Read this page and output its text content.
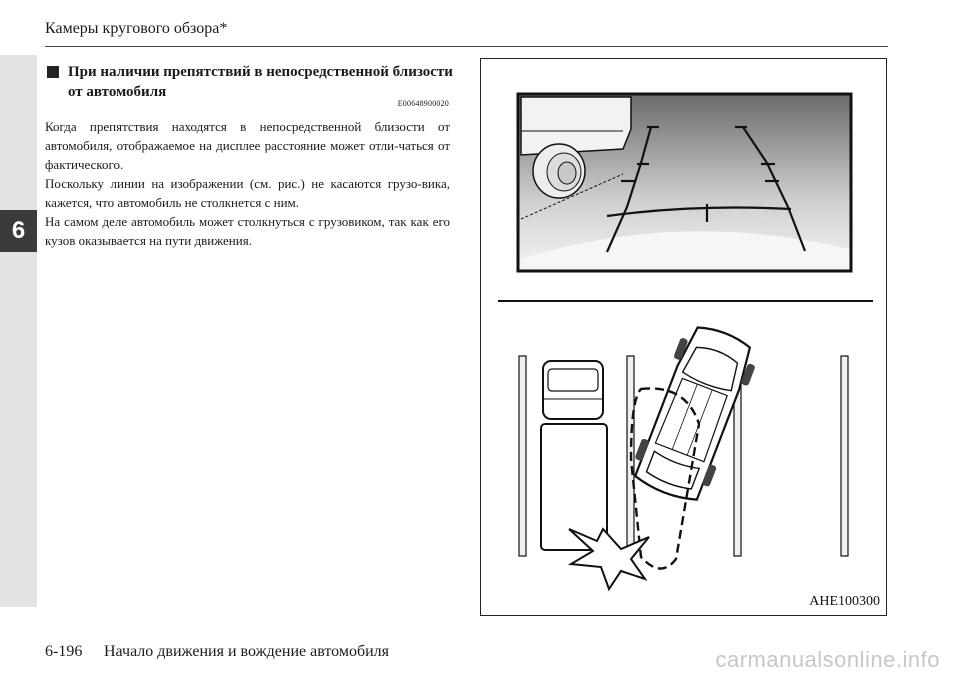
6
Камеры кругового обзора*
При наличии препятствий в непосредственной близости от автомобиля
E00648900020

Когда препятствия находятся в непосредственной близости от автомобиля, отображаемое на дисплее расстояние может отли-чаться от фактического.

Поскольку линии на изображении (см. рис.) не касаются грузо-вика, кажется, что автомобиль не столкнется с ним.

На самом деле автомобиль может столкнуться с грузовиком, так как его кузов оказывается на пути движения.

AHE100300
6-196 Начало движения и вождение автомобиля	carmanualsonline.info
